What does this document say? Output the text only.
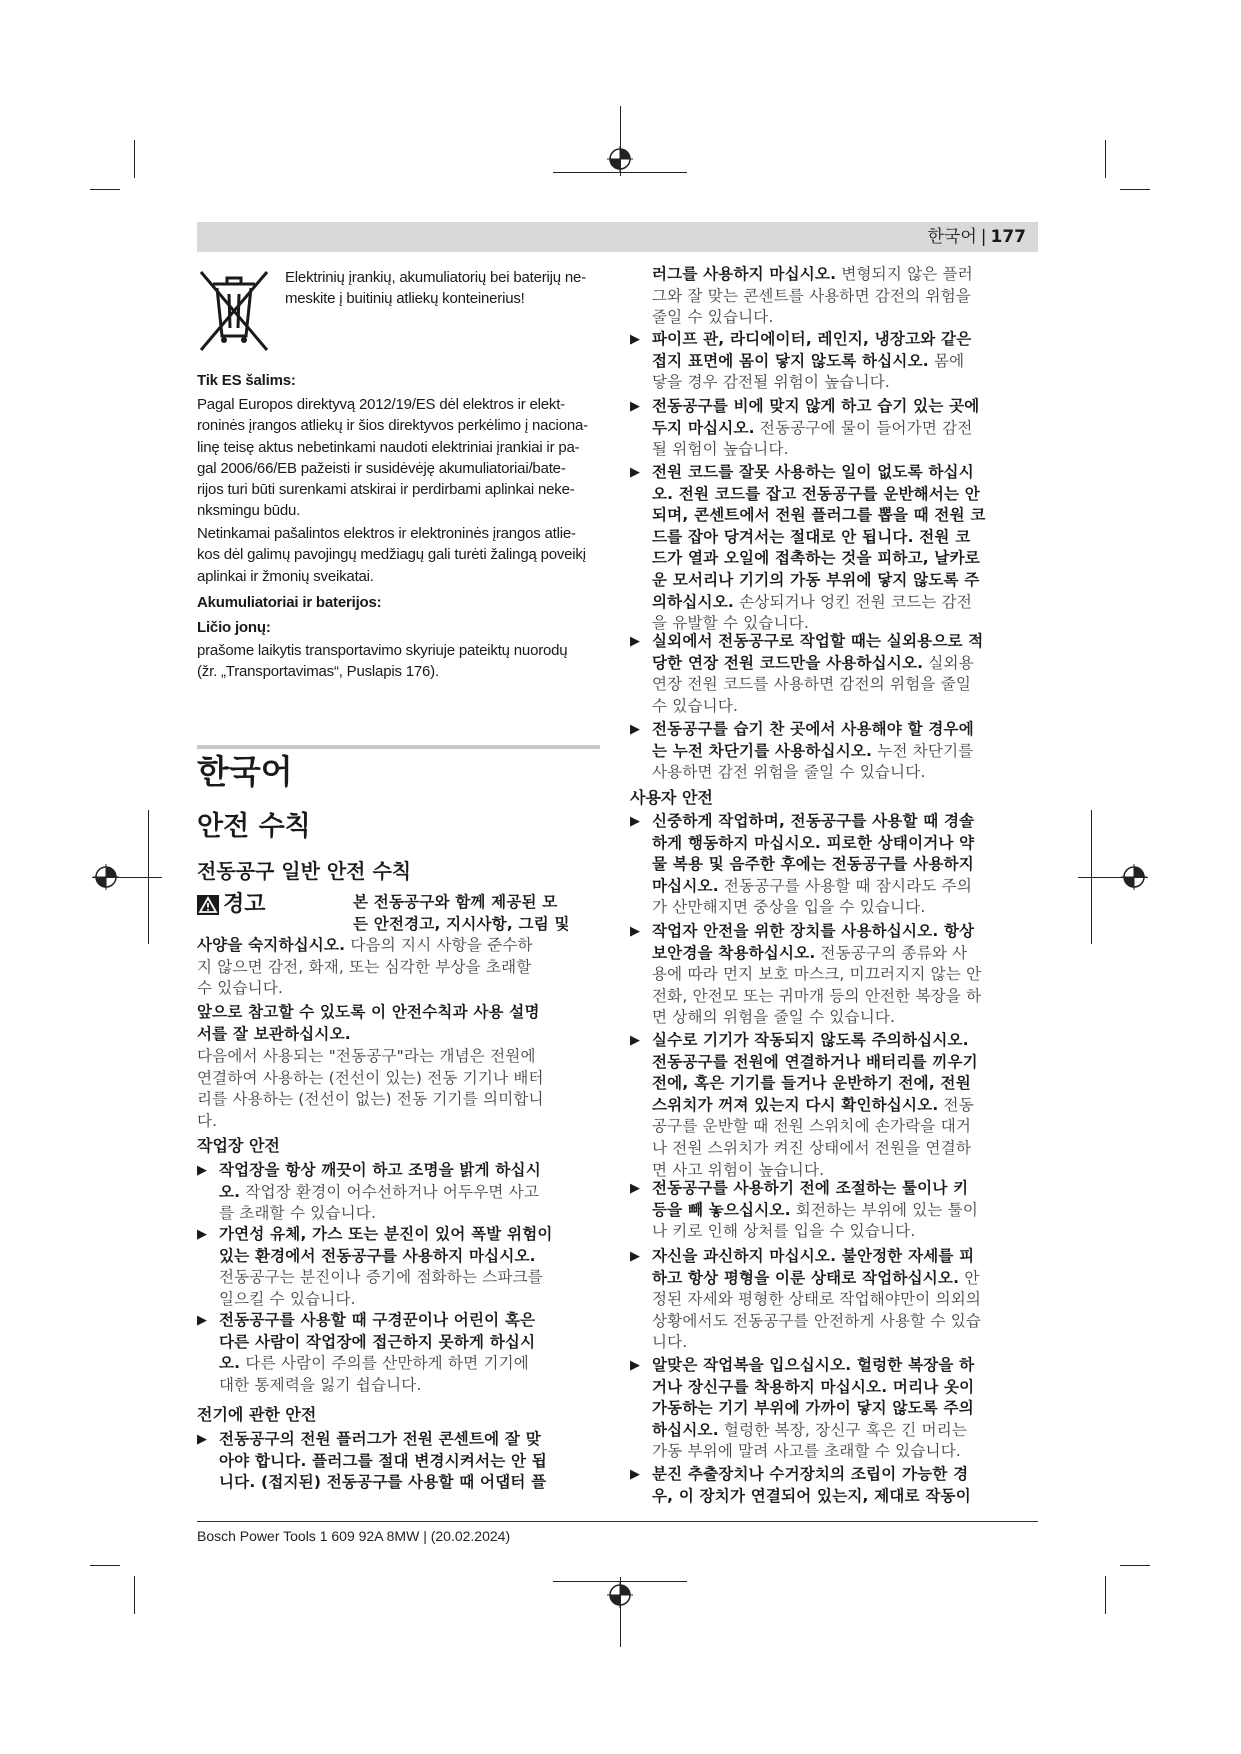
한국어 | 177
Elektrinių įrankių, akumuliatorių bei baterijų ne-
meskite į buitinių atliekų konteinerius!
Tik ES šalims:
Pagal Europos direktyvą 2012/19/ES dėl elektros ir elekt-
roninės įrangos atliekų ir šios direktyvos perkėlimo į naciona-
linę teisę aktus nebetinkami naudoti elektriniai įrankiai ir pa-
gal 2006/66/EB pažeisti ir susidėvėję akumuliatoriai/bate-
rijos turi būti surenkami atskirai ir perdirbami aplinkai neke-
nksmingu būdu.
Netinkamai pašalintos elektros ir elektroninės įrangos atlie-
kos dėl galimų pavojingų medžiagų gali turėti žalingą poveikį
aplinkai ir žmonių sveikatai.
Akumuliatoriai ir baterijos:
Ličio jonų:
prašome laikytis transportavimo skyriuje pateiktų nuorodų
(žr. „Transportavimas“, Puslapis 176).
한국어
안전 수칙
전동공구 일반 안전 수칙
경고	본 전동공구와 함께 제공된 모
든 안전경고, 지시사항, 그림 및
사양을 숙지하십시오. 다음의 지시 사항을 준수하
지 않으면 감전, 화재, 또는 심각한 부상을 초래할
수 있습니다.
앞으로 참고할 수 있도록 이 안전수칙과 사용 설명
서를 잘 보관하십시오.
다음에서 사용되는 "전동공구"라는 개념은 전원에
연결하여 사용하는 (전선이 있는) 전동 기기나 배터
리를 사용하는 (전선이 없는) 전동 기기를 의미합니
다.
작업장 안전
▶ 작업장을 항상 깨끗이 하고 조명을 밝게 하십시
오. 작업장 환경이 어수선하거나 어두우면 사고
를 초래할 수 있습니다.
▶ 가연성 유체, 가스 또는 분진이 있어 폭발 위험이
있는 환경에서 전동공구를 사용하지 마십시오.
전동공구는 분진이나 증기에 점화하는 스파크를
일으킬 수 있습니다.
▶ 전동공구를 사용할 때 구경꾼이나 어린이 혹은
다른 사람이 작업장에 접근하지 못하게 하십시
오. 다른 사람이 주의를 산만하게 하면 기기에
대한 통제력을 잃기 쉽습니다.
전기에 관한 안전
▶ 전동공구의 전원 플러그가 전원 콘센트에 잘 맞
아야 합니다. 플러그를 절대 변경시켜서는 안 됩
니다. (접지된) 전동공구를 사용할 때 어댑터 플
러그를 사용하지 마십시오. 변형되지 않은 플러
그와 잘 맞는 콘센트를 사용하면 감전의 위험을
줄일 수 있습니다.
▶ 파이프 관, 라디에이터, 레인지, 냉장고와 같은
접지 표면에 몸이 닿지 않도록 하십시오. 몸에
닿을 경우 감전될 위험이 높습니다.
▶ 전동공구를 비에 맞지 않게 하고 습기 있는 곳에
두지 마십시오. 전동공구에 물이 들어가면 감전
될 위험이 높습니다.
▶ 전원 코드를 잘못 사용하는 일이 없도록 하십시
오. 전원 코드를 잡고 전동공구를 운반해서는 안
되며, 콘센트에서 전원 플러그를 뽑을 때 전원 코
드를 잡아 당겨서는 절대로 안 됩니다. 전원 코
드가 열과 오일에 접촉하는 것을 피하고, 날카로
운 모서리나 기기의 가동 부위에 닿지 않도록 주
의하십시오. 손상되거나 엉킨 전원 코드는 감전
을 유발할 수 있습니다.
▶ 실외에서 전동공구로 작업할 때는 실외용으로 적
당한 연장 전원 코드만을 사용하십시오. 실외용
연장 전원 코드를 사용하면 감전의 위험을 줄일
수 있습니다.
▶ 전동공구를 습기 찬 곳에서 사용해야 할 경우에
는 누전 차단기를 사용하십시오. 누전 차단기를
사용하면 감전 위험을 줄일 수 있습니다.
사용자 안전
▶ 신중하게 작업하며, 전동공구를 사용할 때 경솔
하게 행동하지 마십시오. 피로한 상태이거나 약
물 복용 및 음주한 후에는 전동공구를 사용하지
마십시오. 전동공구를 사용할 때 잠시라도 주의
가 산만해지면 중상을 입을 수 있습니다.
▶ 작업자 안전을 위한 장치를 사용하십시오. 항상
보안경을 착용하십시오. 전동공구의 종류와 사
용에 따라 먼지 보호 마스크, 미끄러지지 않는 안
전화, 안전모 또는 귀마개 등의 안전한 복장을 하
면 상해의 위험을 줄일 수 있습니다.
▶ 실수로 기기가 작동되지 않도록 주의하십시오.
전동공구를 전원에 연결하거나 배터리를 끼우기
전에, 혹은 기기를 들거나 운반하기 전에, 전원
스위치가 꺼져 있는지 다시 확인하십시오. 전동
공구를 운반할 때 전원 스위치에 손가락을 대거
나 전원 스위치가 켜진 상태에서 전원을 연결하
면 사고 위험이 높습니다.
▶ 전동공구를 사용하기 전에 조절하는 툴이나 키
등을 빼 놓으십시오. 회전하는 부위에 있는 툴이
나 키로 인해 상처를 입을 수 있습니다.
▶ 자신을 과신하지 마십시오. 불안정한 자세를 피
하고 항상 평형을 이룬 상태로 작업하십시오. 안
정된 자세와 평형한 상태로 작업해야만이 의외의
상황에서도 전동공구를 안전하게 사용할 수 있습
니다.
▶ 알맞은 작업복을 입으십시오. 헐렁한 복장을 하
거나 장신구를 착용하지 마십시오. 머리나 옷이
가동하는 기기 부위에 가까이 닿지 않도록 주의
하십시오. 헐렁한 복장, 장신구 혹은 긴 머리는
가동 부위에 말려 사고를 초래할 수 있습니다.
▶ 분진 추출장치나 수거장치의 조립이 가능한 경
우, 이 장치가 연결되어 있는지, 제대로 작동이
Bosch Power Tools 1 609 92A 8MW | (20.02.2024)
